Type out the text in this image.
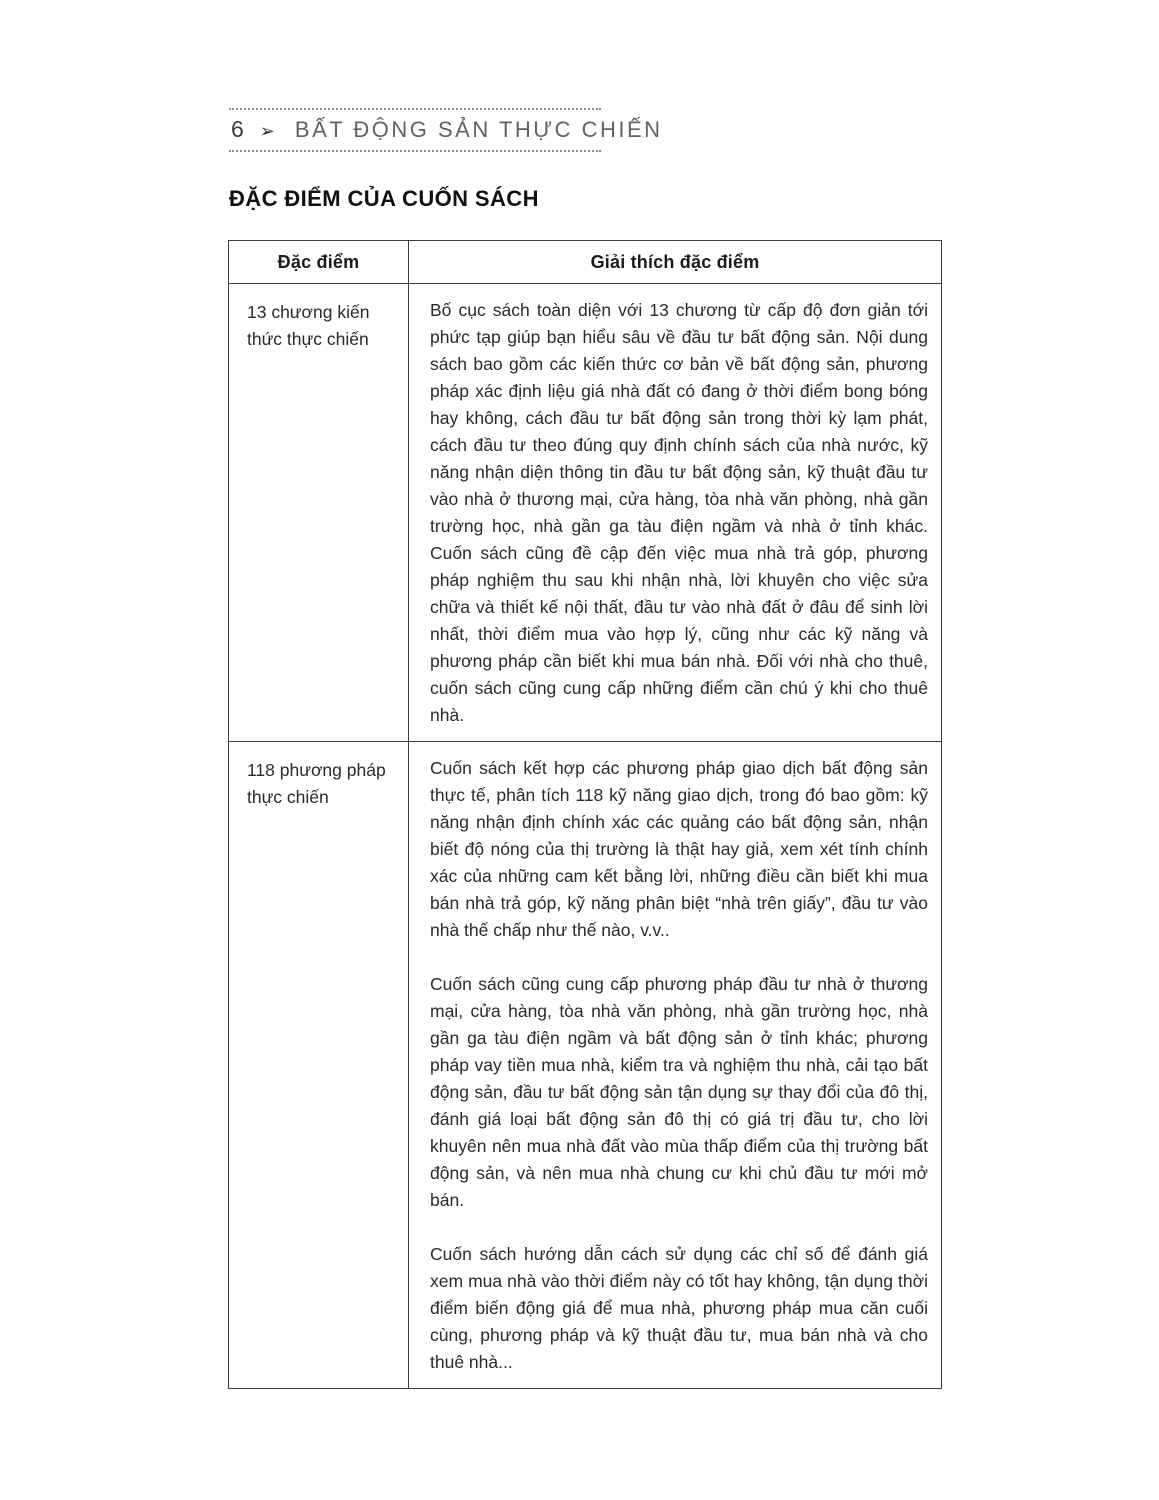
6 ➢ BẤT ĐỘNG SẢN THỰC CHIẾN
ĐẶC ĐIỂM CỦA CUỐN SÁCH
Đặc điểm	Giải thích đặc điểm
13 chương kiến thức thực chiến	Bố cục sách toàn diện với 13 chương từ cấp độ đơn giản tới phức tạp giúp bạn hiểu sâu về đầu tư bất động sản. Nội dung sách bao gồm các kiến thức cơ bản về bất động sản, phương pháp xác định liệu giá nhà đất có đang ở thời điểm bong bóng hay không, cách đầu tư bất động sản trong thời kỳ lạm phát, cách đầu tư theo đúng quy định chính sách của nhà nước, kỹ năng nhận diện thông tin đầu tư bất động sản, kỹ thuật đầu tư vào nhà ở thương mại, cửa hàng, tòa nhà văn phòng, nhà gần trường học, nhà gần ga tàu điện ngầm và nhà ở tỉnh khác. Cuốn sách cũng đề cập đến việc mua nhà trả góp, phương pháp nghiệm thu sau khi nhận nhà, lời khuyên cho việc sửa chữa và thiết kế nội thất, đầu tư vào nhà đất ở đâu để sinh lời nhất, thời điểm mua vào hợp lý, cũng như các kỹ năng và phương pháp cần biết khi mua bán nhà. Đối với nhà cho thuê, cuốn sách cũng cung cấp những điểm cần chú ý khi cho thuê nhà.

118 phương pháp thực chiến	Cuốn sách kết hợp các phương pháp giao dịch bất động sản thực tế, phân tích 118 kỹ năng giao dịch, trong đó bao gồm: kỹ năng nhận định chính xác các quảng cáo bất động sản, nhận biết độ nóng của thị trường là thật hay giả, xem xét tính chính xác của những cam kết bằng lời, những điều cần biết khi mua bán nhà trả góp, kỹ năng phân biệt “nhà trên giấy”, đầu tư vào nhà thế chấp như thế nào, v.v..

Cuốn sách cũng cung cấp phương pháp đầu tư nhà ở thương mại, cửa hàng, tòa nhà văn phòng, nhà gần trường học, nhà gần ga tàu điện ngầm và bất động sản ở tỉnh khác; phương pháp vay tiền mua nhà, kiểm tra và nghiệm thu nhà, cải tạo bất động sản, đầu tư bất động sản tận dụng sự thay đổi của đô thị, đánh giá loại bất động sản đô thị có giá trị đầu tư, cho lời khuyên nên mua nhà đất vào mùa thấp điểm của thị trường bất động sản, và nên mua nhà chung cư khi chủ đầu tư mới mở bán.

Cuốn sách hướng dẫn cách sử dụng các chỉ số để đánh giá xem mua nhà vào thời điểm này có tốt hay không, tận dụng thời điểm biến động giá để mua nhà, phương pháp mua căn cuối cùng, phương pháp và kỹ thuật đầu tư, mua bán nhà và cho thuê nhà...
